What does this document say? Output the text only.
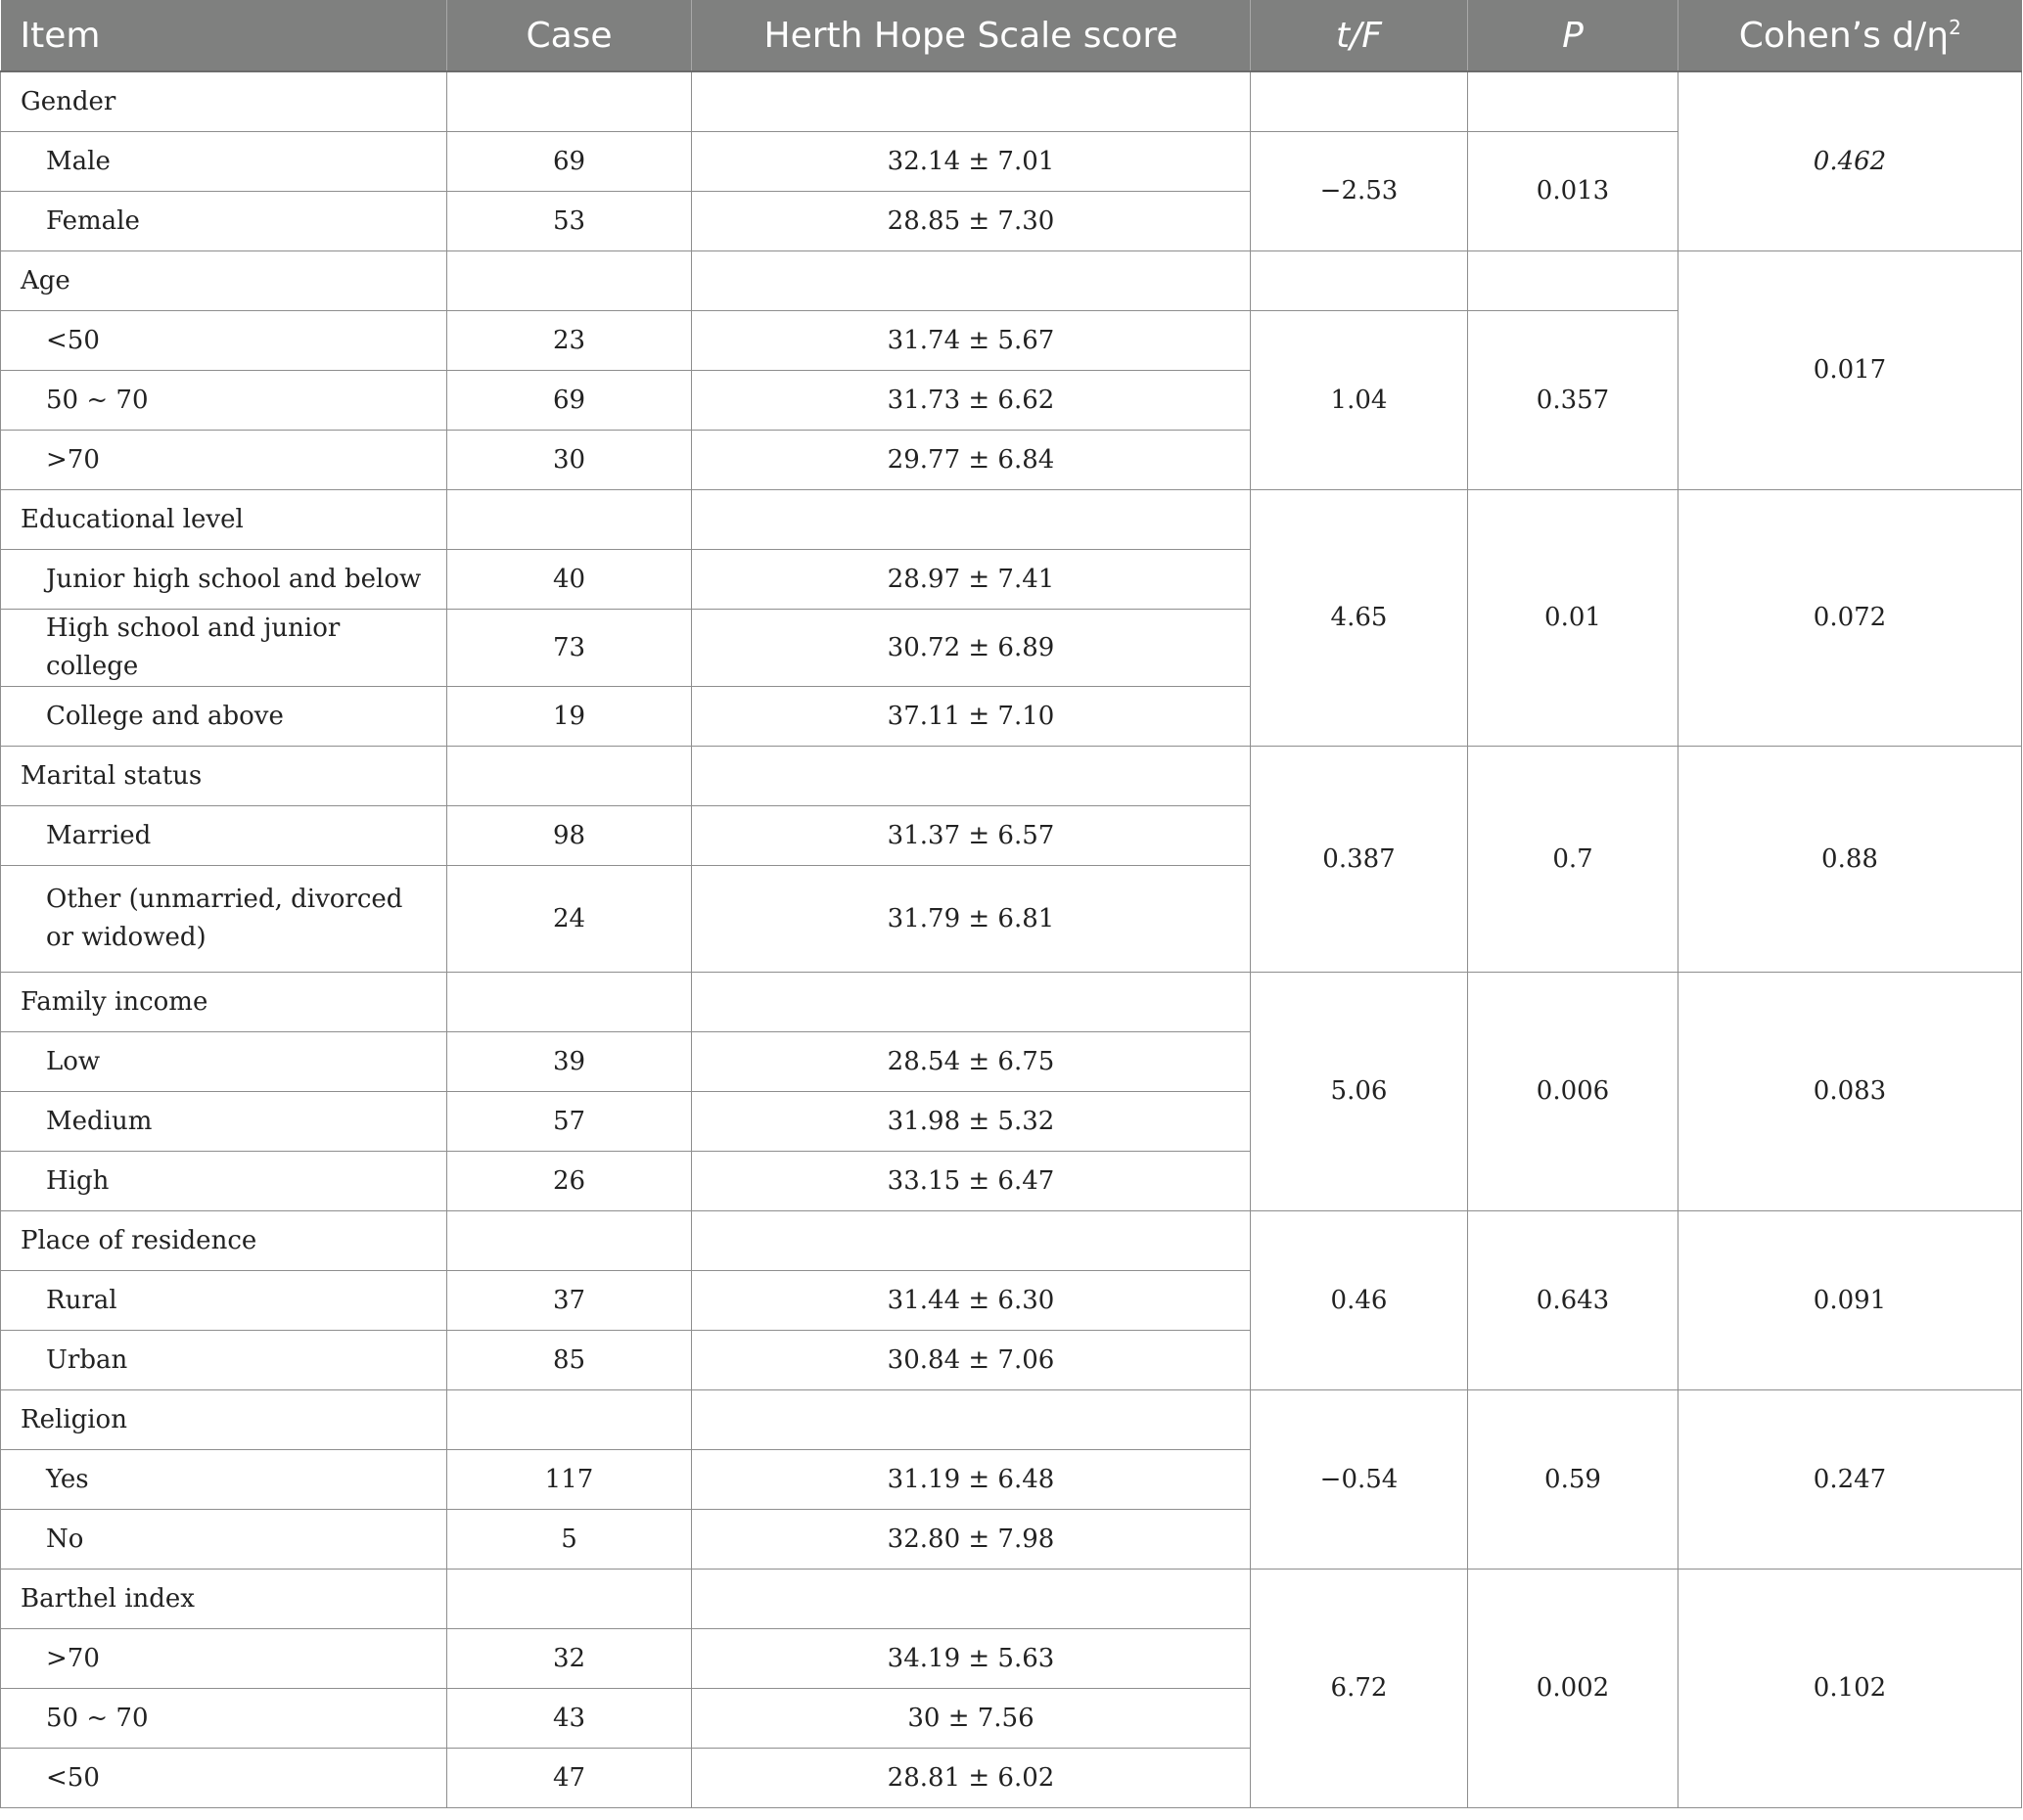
Item	Case	Herth Hope Scale score	t/F	P	Cohen’s $d/\eta^2$
Gender					0.462
Male	69	32.14 ± 7.01	−2.53	0.013	
Female	53	28.85 ± 7.30			
Age					0.017
<50	23	31.74 ± 5.67	1.04	0.357	
50 ~ 70	69	31.73 ± 6.62			
>70	30	29.77 ± 6.84			
Educational level			4.65	0.01	0.072
Junior high school and below	40	28.97 ± 7.41			
High school and junior college	73	30.72 ± 6.89			
College and above	19	37.11 ± 7.10			
Marital status			0.387	0.7	0.88
Married	98	31.37 ± 6.57			
Other (unmarried, divorced or widowed)	24	31.79 ± 6.81			
Family income			5.06	0.006	0.083
Low	39	28.54 ± 6.75			
Medium	57	31.98 ± 5.32			
High	26	33.15 ± 6.47			
Place of residence			0.46	0.643	0.091
Rural	37	31.44 ± 6.30			
Urban	85	30.84 ± 7.06			
Religion			−0.54	0.59	0.247
Yes	117	31.19 ± 6.48			
No	5	32.80 ± 7.98			
Barthel index			6.72	0.002	0.102
>70	32	34.19 ± 5.63			
50 ~ 70	43	30 ± 7.56			
<50	47	28.81 ± 6.02			
